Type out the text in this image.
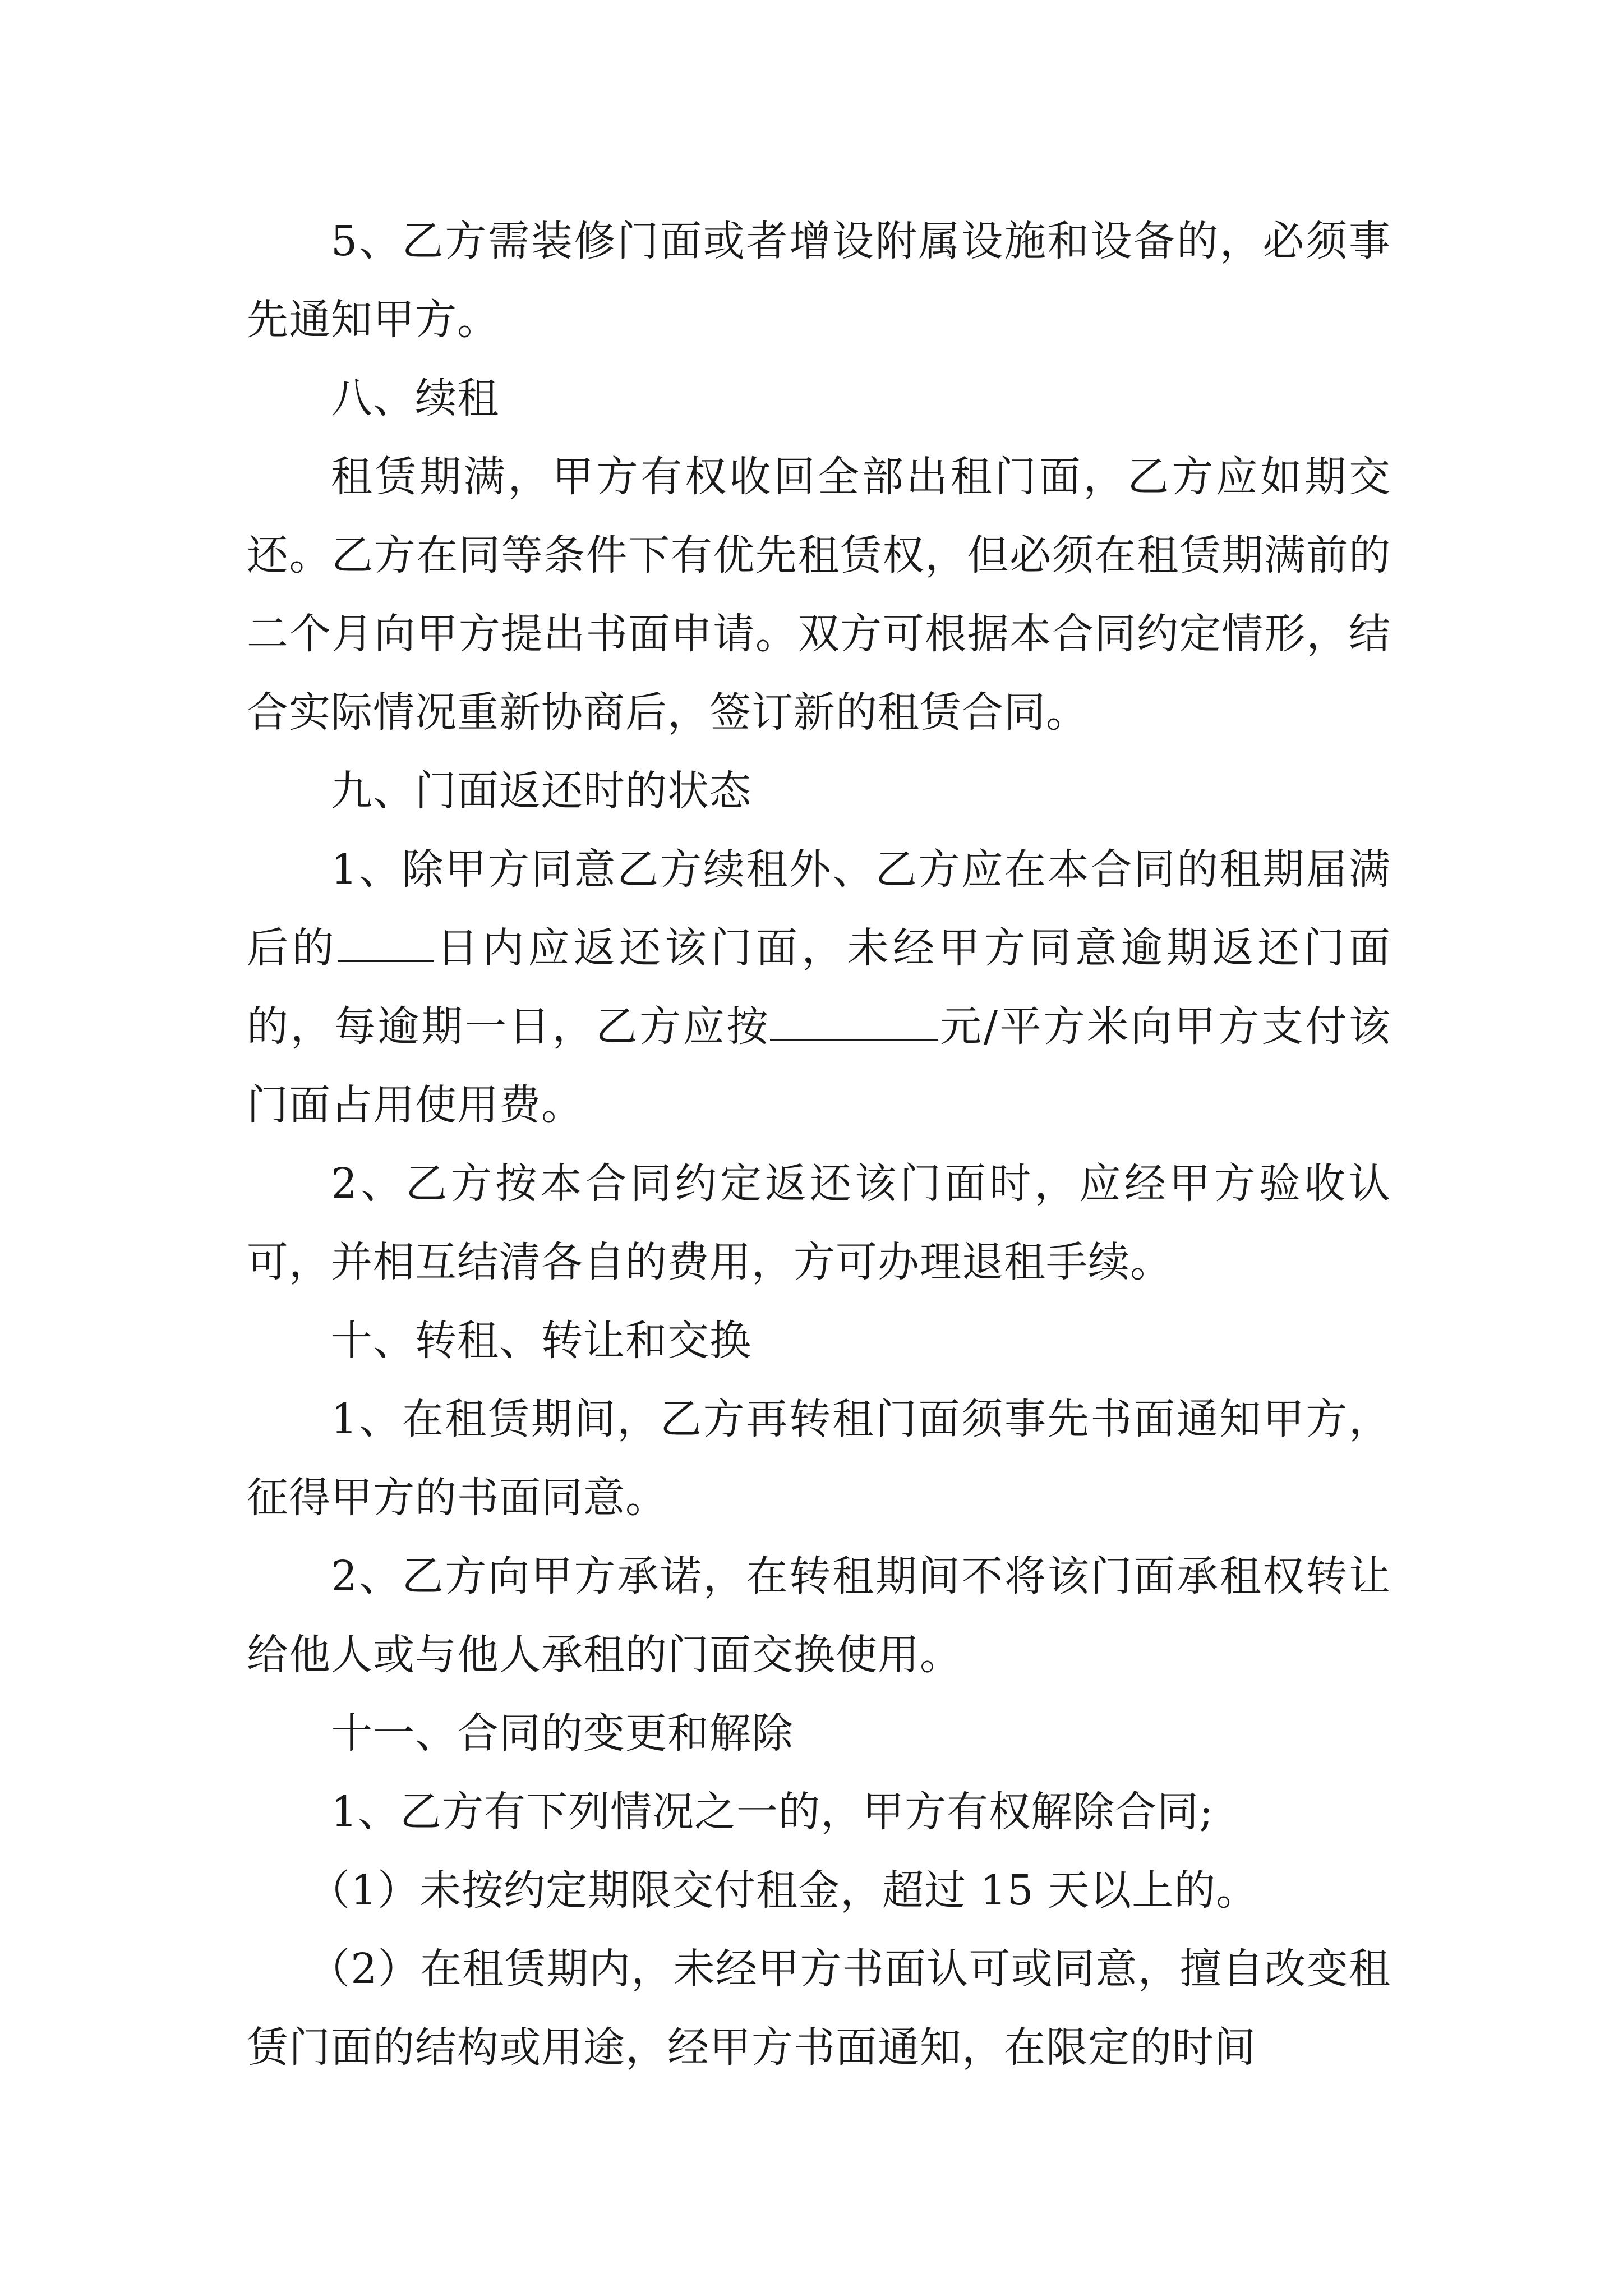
5、乙方需装修门面或者增设附属设施和设备的，必须事先通知甲方。

八、续租

租赁期满，甲方有权收回全部出租门面，乙方应如期交还。乙方在同等条件下有优先租赁权，但必须在租赁期满前的二个月向甲方提出书面申请。双方可根据本合同约定情形，结合实际情况重新协商后，签订新的租赁合同。

九、门面返还时的状态

1、除甲方同意乙方续租外、乙方应在本合同的租期届满后的 日内应返还该门面，未经甲方同意逾期返还门面的，每逾期一日，乙方应按	元/平方米向甲方支付该门面占用使用费。

2、乙方按本合同约定返还该门面时，应经甲方验收认可，并相互结清各自的费用，方可办理退租手续。

十、转租、转让和交换

1、在租赁期间，乙方再转租门面须事先书面通知甲方，征得甲方的书面同意。

2、乙方向甲方承诺，在转租期间不将该门面承租权转让给他人或与他人承租的门面交换使用。

十一、合同的变更和解除

1、乙方有下列情况之一的，甲方有权解除合同;

（1）未按约定期限交付租金，超过 15 天以上的。

（2）在租赁期内，未经甲方书面认可或同意，擅自改变租赁门面的结构或用途，经甲方书面通知，在限定的时间
